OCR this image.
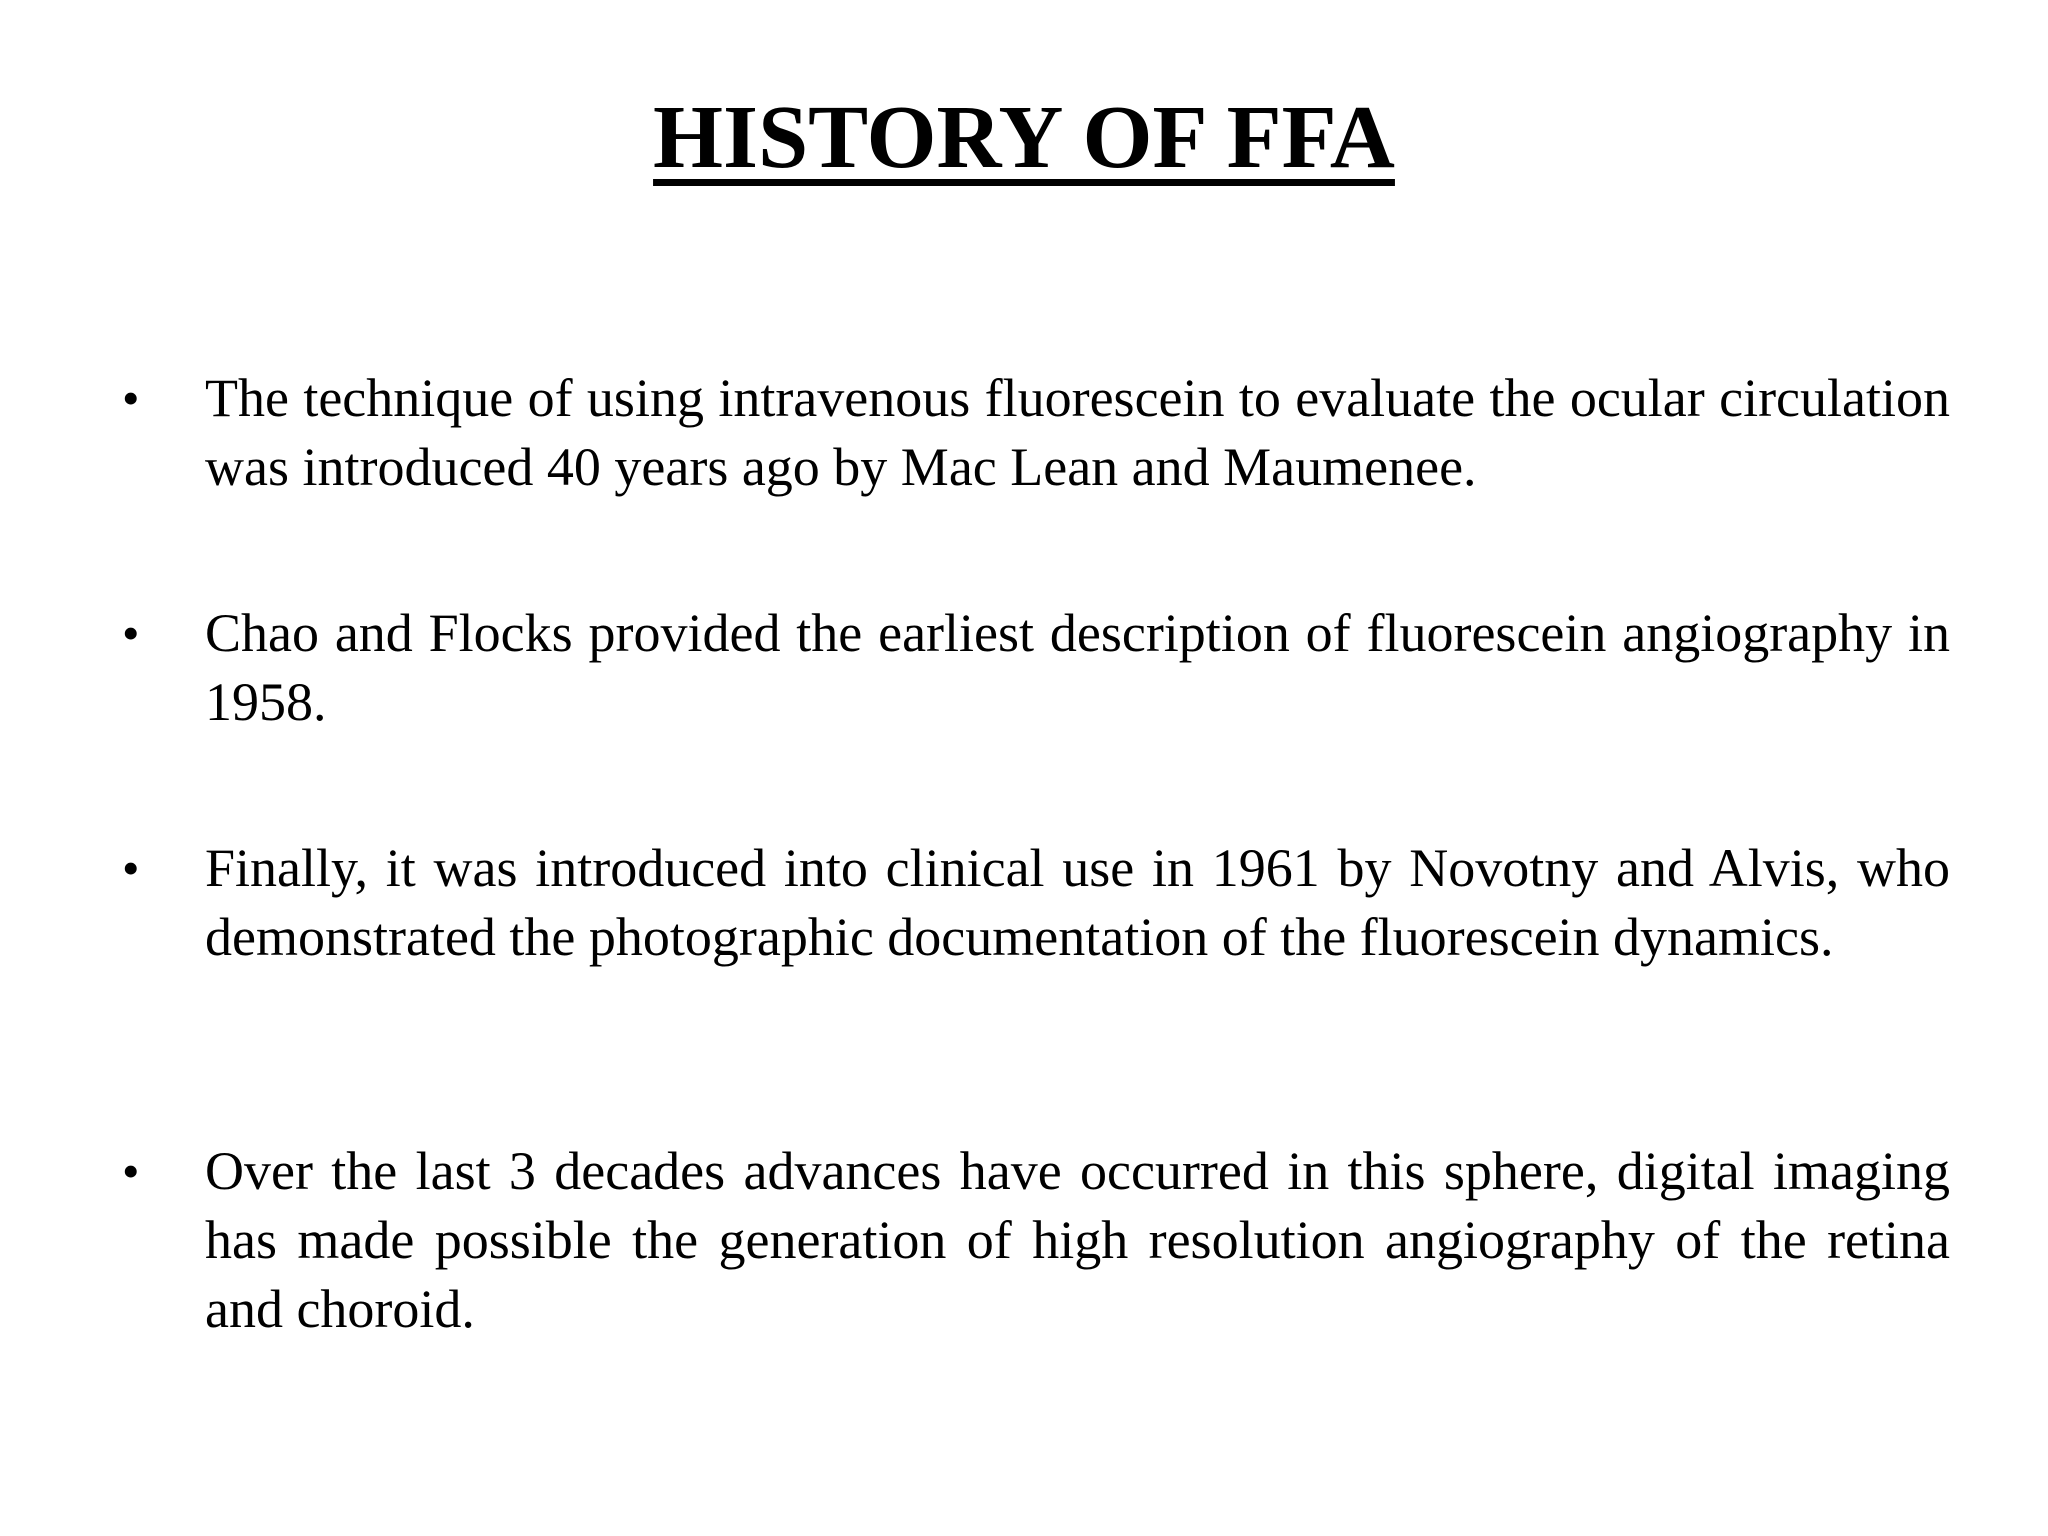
HISTORY OF FFA
• The technique of using intravenous fluorescein to evaluate the ocular circulation was introduced 40 years ago by Mac Lean and Maumenee.

• Chao and Flocks provided the earliest description of fluorescein angiography in 1958.

• Finally, it was introduced into clinical use in 1961 by Novotny and Alvis, who demonstrated the photographic documentation of the fluorescein dynamics.

• Over the last 3 decades advances have occurred in this sphere, digital imaging has made possible the generation of high resolution angiography of the retina and choroid.
